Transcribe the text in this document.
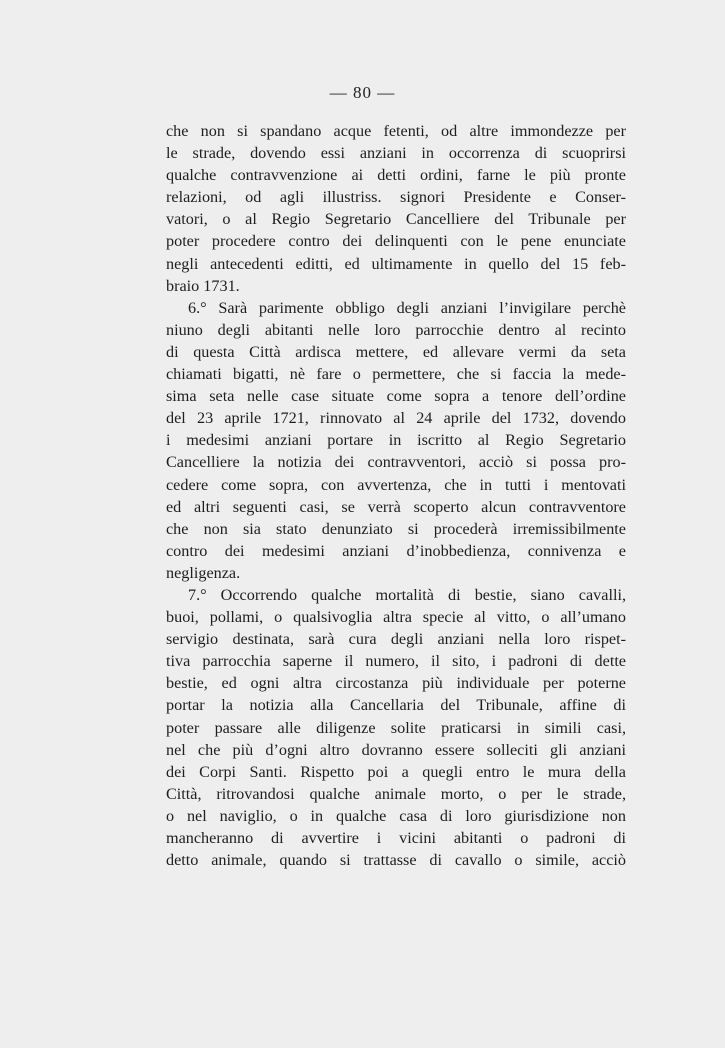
— 80 —
che non si spandano acque fetenti, od altre immondezze per
le strade, dovendo essi anziani in occorrenza di scuoprirsi
qualche contravvenzione ai detti ordini, farne le più pronte
relazioni, od agli illustriss. signori Presidente e Conser-
vatori, o al Regio Segretario Cancelliere del Tribunale per
poter procedere contro dei delinquenti con le pene enunciate
negli antecedenti editti, ed ultimamente in quello del 15 feb-
braio 1731.
6.° Sarà parimente obbligo degli anziani l’invigilare perchè
niuno degli abitanti nelle loro parrocchie dentro al recinto
di questa Città ardisca mettere, ed allevare vermi da seta
chiamati bigatti, nè fare o permettere, che si faccia la mede-
sima seta nelle case situate come sopra a tenore dell’ordine
del 23 aprile 1721, rinnovato al 24 aprile del 1732, dovendo
i medesimi anziani portare in iscritto al Regio Segretario
Cancelliere la notizia dei contravventori, acciò si possa pro-
cedere come sopra, con avvertenza, che in tutti i mentovati
ed altri seguenti casi, se verrà scoperto alcun contravventore
che non sia stato denunziato si procederà irremissibilmente
contro dei medesimi anziani d’inobbedienza, connivenza e
negligenza.
7.° Occorrendo qualche mortalità di bestie, siano cavalli,
buoi, pollami, o qualsivoglia altra specie al vitto, o all’umano
servigio destinata, sarà cura degli anziani nella loro rispet-
tiva parrocchia saperne il numero, il sito, i padroni di dette
bestie, ed ogni altra circostanza più individuale per poterne
portar la notizia alla Cancellaria del Tribunale, affine di
poter passare alle diligenze solite praticarsi in simili casi,
nel che più d’ogni altro dovranno essere solleciti gli anziani
dei Corpi Santi. Rispetto poi a quegli entro le mura della
Città, ritrovandosi qualche animale morto, o per le strade,
o nel naviglio, o in qualche casa di loro giurisdizione non
mancheranno di avvertire i vicini abitanti o padroni di
detto animale, quando si trattasse di cavallo o simile, acciò
